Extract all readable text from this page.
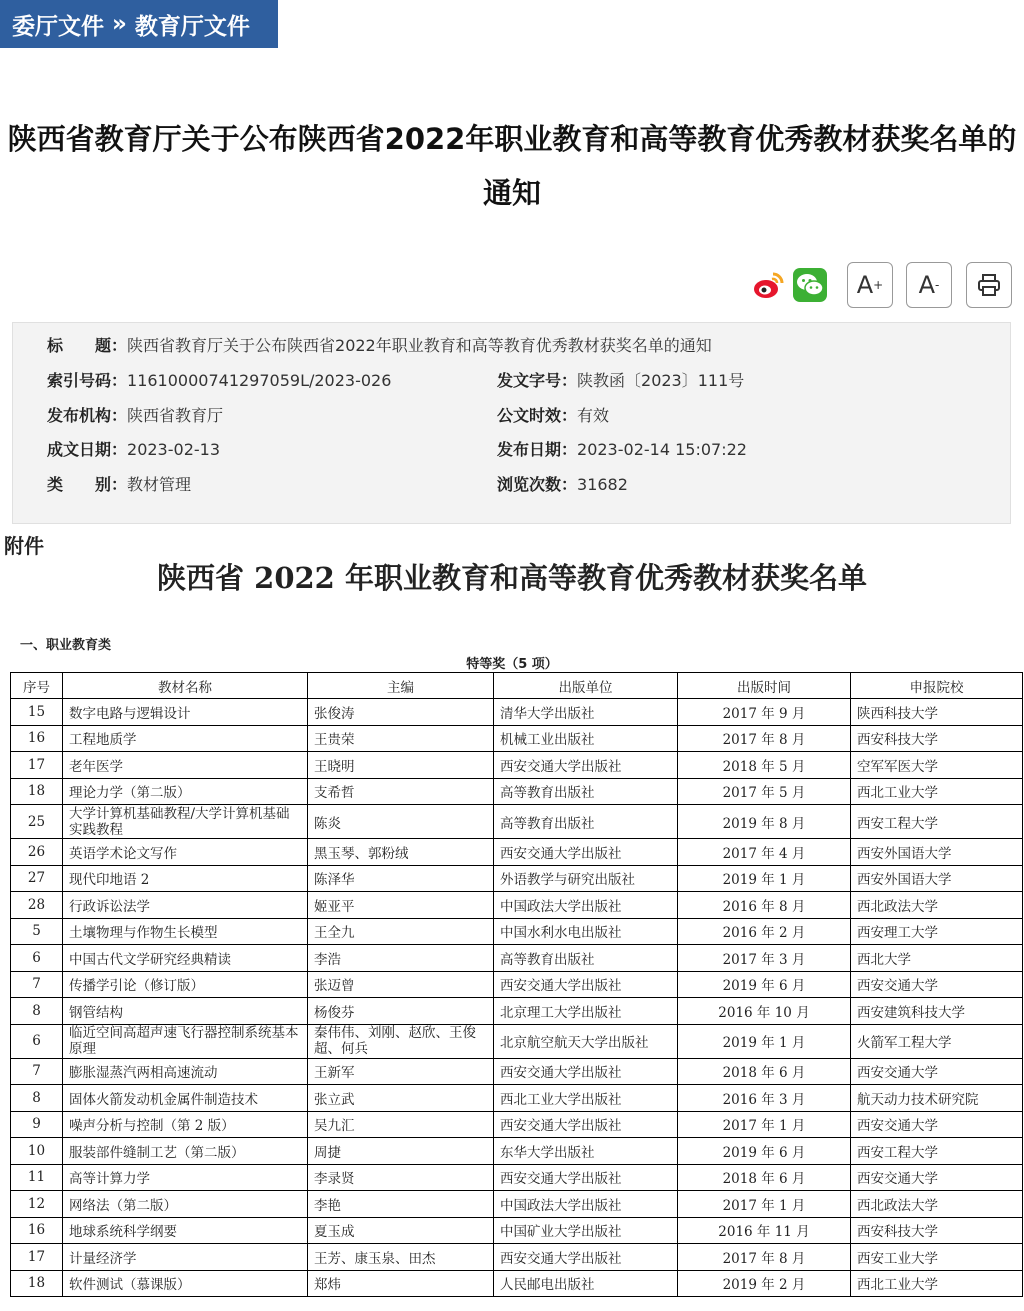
委厅文件 » 教育厅文件
陕西省教育厅关于公布陕西省2022年职业教育和高等教育优秀教材获奖名单的
通知
A + A -
标　　题：陕西省教育厅关于公布陕西省2022年职业教育和高等教育优秀教材获奖名单的通知
索引号码：11610000741297059L/2023-026	发文字号：陕教函〔2023〕111号
发布机构：陕西省教育厅	公文时效：有效
成文日期：2023-02-13	发布日期：2023-02-14 15:07:22
类　　别：教材管理	浏览次数：31682
附件
陕西省 2022 年职业教育和高等教育优秀教材获奖名单
一、职业教育类
特等奖（5 项）
序号	教材名称	主编	出版单位	出版时间	申报院校
15	数字电路与逻辑设计	张俊涛	清华大学出版社	2017 年 9 月	陕西科技大学
16	工程地质学	王贵荣	机械工业出版社	2017 年 8 月	西安科技大学
17	老年医学	王晓明	西安交通大学出版社	2018 年 5 月	空军军医大学
18	理论力学（第二版）	支希哲	高等教育出版社	2017 年 5 月	西北工业大学
25	大学计算机基础教程/大学计算机基础实践教程	陈炎	高等教育出版社	2019 年 8 月	西安工程大学
26	英语学术论文写作	黑玉琴、郭粉绒	西安交通大学出版社	2017 年 4 月	西安外国语大学
27	现代印地语 2	陈泽华	外语教学与研究出版社	2019 年 1 月	西安外国语大学
28	行政诉讼法学	姬亚平	中国政法大学出版社	2016 年 8 月	西北政法大学
5	土壤物理与作物生长模型	王全九	中国水利水电出版社	2016 年 2 月	西安理工大学
6	中国古代文学研究经典精读	李浩	高等教育出版社	2017 年 3 月	西北大学
7	传播学引论（修订版）	张迈曾	西安交通大学出版社	2019 年 6 月	西安交通大学
8	钢管结构	杨俊芬	北京理工大学出版社	2016 年 10 月	西安建筑科技大学
6	临近空间高超声速飞行器控制系统基本原理	秦伟伟、刘刚、赵欣、王俊超、何兵	北京航空航天大学出版社	2019 年 1 月	火箭军工程大学
7	膨胀湿蒸汽两相高速流动	王新军	西安交通大学出版社	2018 年 6 月	西安交通大学
8	固体火箭发动机金属件制造技术	张立武	西北工业大学出版社	2016 年 3 月	航天动力技术研究院
9	噪声分析与控制（第 2 版）	吴九汇	西安交通大学出版社	2017 年 1 月	西安交通大学
10	服装部件缝制工艺（第二版）	周捷	东华大学出版社	2019 年 6 月	西安工程大学
11	高等计算力学	李录贤	西安交通大学出版社	2018 年 6 月	西安交通大学
12	网络法（第二版）	李艳	中国政法大学出版社	2017 年 1 月	西北政法大学
16	地球系统科学纲要	夏玉成	中国矿业大学出版社	2016 年 11 月	西安科技大学
17	计量经济学	王芳、康玉泉、田杰	西安交通大学出版社	2017 年 8 月	西安工业大学
18	软件测试（慕课版）	郑炜	人民邮电出版社	2019 年 2 月	西北工业大学
